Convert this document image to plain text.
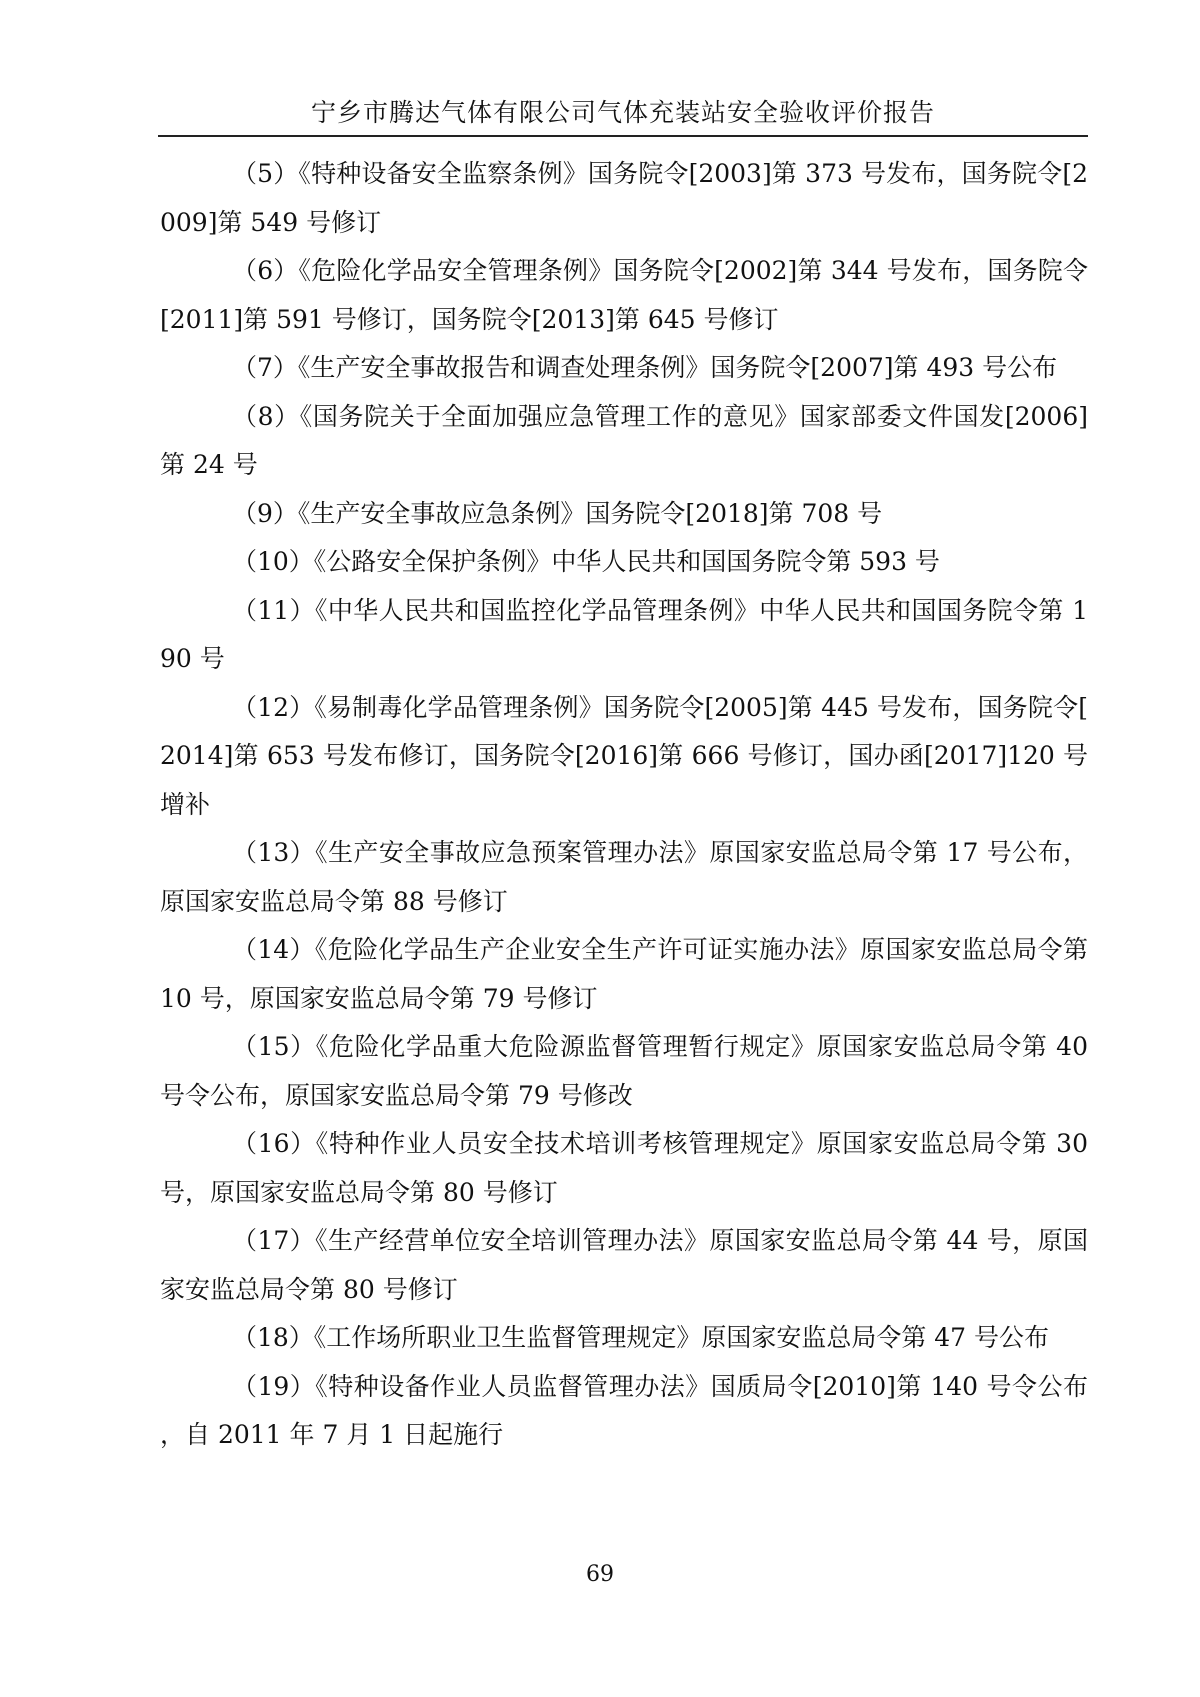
宁乡市腾达气体有限公司气体充装站安全验收评价报告

（5）《特种设备安全监察条例》国务院令[2003]第 373 号发布，国务院令[2009]第 549 号修订

（6）《危险化学品安全管理条例》国务院令[2002]第 344 号发布，国务院令[2011]第 591 号修订，国务院令[2013]第 645 号修订

（7）《生产安全事故报告和调查处理条例》国务院令[2007]第 493 号公布

（8）《国务院关于全面加强应急管理工作的意见》国家部委文件国发[2006]第 24 号

（9）《生产安全事故应急条例》国务院令[2018]第 708 号

（10）《公路安全保护条例》中华人民共和国国务院令第 593 号

（11）《中华人民共和国监控化学品管理条例》中华人民共和国国务院令第 190 号

（12）《易制毒化学品管理条例》国务院令[2005]第 445 号发布，国务院令[2014]第 653 号发布修订，国务院令[2016]第 666 号修订，国办函[2017]120 号增补

（13）《生产安全事故应急预案管理办法》原国家安监总局令第 17 号公布，原国家安监总局令第 88 号修订

（14）《危险化学品生产企业安全生产许可证实施办法》原国家安监总局令第 10 号，原国家安监总局令第 79 号修订

（15）《危险化学品重大危险源监督管理暂行规定》原国家安监总局令第 40 号令公布，原国家安监总局令第 79 号修改

（16）《特种作业人员安全技术培训考核管理规定》原国家安监总局令第 30 号，原国家安监总局令第 80 号修订

（17）《生产经营单位安全培训管理办法》原国家安监总局令第 44 号，原国家安监总局令第 80 号修订

（18）《工作场所职业卫生监督管理规定》原国家安监总局令第 47 号公布

（19）《特种设备作业人员监督管理办法》国质局令[2010]第 140 号令公布，自 2011 年 7 月 1 日起施行

69
